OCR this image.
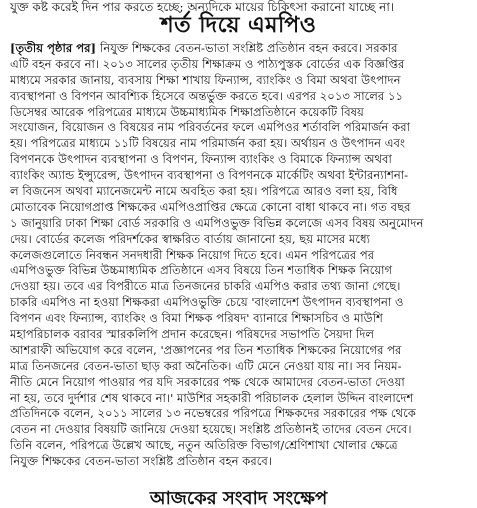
যুক্ত কষ্ট করেই দিন পার করতে হচ্ছে; অন্যদিকে মায়ের চিকিৎসা করানো যাচ্ছে না।
শর্ত দিয়ে এমপিও
[তৃতীয় পৃষ্ঠার পর] নিযুক্ত শিক্ষকের বেতন-ভাতা সংশ্লিষ্ট প্রতিষ্ঠান বহন করবে। সরকার
এটি বহন করবে না। ২০১৩ সালের তৃতীয় শিক্ষাক্রম ও পাঠ্যপুস্তক বোর্ডের এক বিজ্ঞপ্তির
মাধ্যমে সরকার জানায়, ব্যবসায় শিক্ষা শাখায় ফিন্যান্স, ব্যাংকিং ও বিমা অথবা উৎপাদন
ব্যবস্থাপনা ও বিপণন আবশ্যিক হিসেবে অন্তর্ভুক্ত করতে হবে। এরপর ২০১৩ সালের ১১
ডিসেম্বর আরেক পরিপত্রের মাধ্যমে উচ্চমাধ্যমিক শিক্ষাপ্রতিষ্ঠানে কয়েকটি বিষয়
সংযোজন, বিয়োজন ও বিষয়ের নাম পরিবর্তনের ফলে এমপিওর শর্তাবলি পরিমার্জন করা
হয়। পরিপত্রের মাধ্যমে ১১টি বিষয়ের নাম পরিমার্জন করা হয়। অর্থায়ন ও উৎপাদন এবং
বিপণনকে উৎপাদন ব্যবস্থাপনা ও বিপণন, ফিন্যান্স ব্যাংকিং ও বিমাকে ফিন্যান্স অথবা
ব্যাংকিং অ্যান্ড ইন্স্যুরেন্স, উৎপাদন ব্যবস্থাপনা ও বিপণনকে মার্কেটিং অথবা ইন্টারন্যাশনা-
ল বিজনেস অথবা ম্যানেজমেন্ট নামে অবহিত করা হয়। পরিপত্রে আরও বলা হয়, বিধি
মোতাবেক নিয়োগপ্রাপ্ত শিক্ষকের এমপিওপ্রাপ্তির ক্ষেত্রে কোনো বাধা থাকবে না। গত বছর
১ জানুয়ারি ঢাকা শিক্ষা বোর্ড সরকারি ও এমপিওভুক্ত বিভিন্ন কলেজে এসব বিষয় অনুমোদন
দেয়। বোর্ডের কলেজ পরিদর্শকের স্বাক্ষরিত বার্তায় জানানো হয়, ছয় মাসের মধ্যে
কলেজগুলোতে নিবন্ধন সনদধারী শিক্ষক নিয়োগ দিতে হবে। এমন পরিপত্রের পর
এমপিওভুক্ত বিভিন্ন উচ্চমাধ্যমিক প্রতিষ্ঠানে এসব বিষয়ে তিন শতাধিক শিক্ষক নিয়োগ
দেওয়া হয়। তবে এর বিপরীতে মাত্র তিনজনের চাকরি এমপিও করার তথ্য জানা গেছে।
চাকরি এমপিও না হওয়া শিক্ষকরা এমপিওভুক্তি চেয়ে 'বাংলাদেশ উৎপাদন ব্যবস্থাপনা ও
বিপণন এবং ফিন্যান্স, ব্যাংকিং ও বিমা শিক্ষক পরিষদ' ব্যানারে শিক্ষাসচিব ও মাউশি
মহাপরিচালক বরাবর স্মারকলিপি প্রদান করেছেন। পরিষদের সভাপতি সৈয়দা দিল
আশরাফী অভিযোগ করে বলেন, 'প্রজ্ঞাপনের পর তিন শতাধিক শিক্ষকের নিয়োগের পর
মাত্র তিনজনের বেতন-ভাতা ছাড় করা অনৈতিক। এটি মেনে নেওয়া যায় না। সব নিয়ম-
নীতি মেনে নিয়োগ পাওয়ার পর যদি সরকারের পক্ষ থেকে আমাদের বেতন-ভাতা দেওয়া
না হয়, তবে দুর্দশার শেষ থাকবে না।' মাউশির সহকারী পরিচালক হেলাল উদ্দিন বাংলাদেশ
প্রতিদিনকে বলেন, ২০১১ সালের ১৩ নভেম্বরের পরিপত্রে শিক্ষকদের সরকারের পক্ষ থেকে
বেতন না দেওয়ার বিষয়টি জানিয়ে দেওয়া হয়েছে। সংশ্লিষ্ট প্রতিষ্ঠানই তাদের বেতন দেবে।
তিনি বলেন, পরিপত্রে উল্লেখ আছে, নতুন অতিরিক্ত বিভাগ/শ্রেণিশাখা খোলার ক্ষেত্রে
নিযুক্ত শিক্ষকের বেতন-ভাতা সংশ্লিষ্ট প্রতিষ্ঠান বহন করবে।
আজকের সংবাদ সংক্ষেপ
